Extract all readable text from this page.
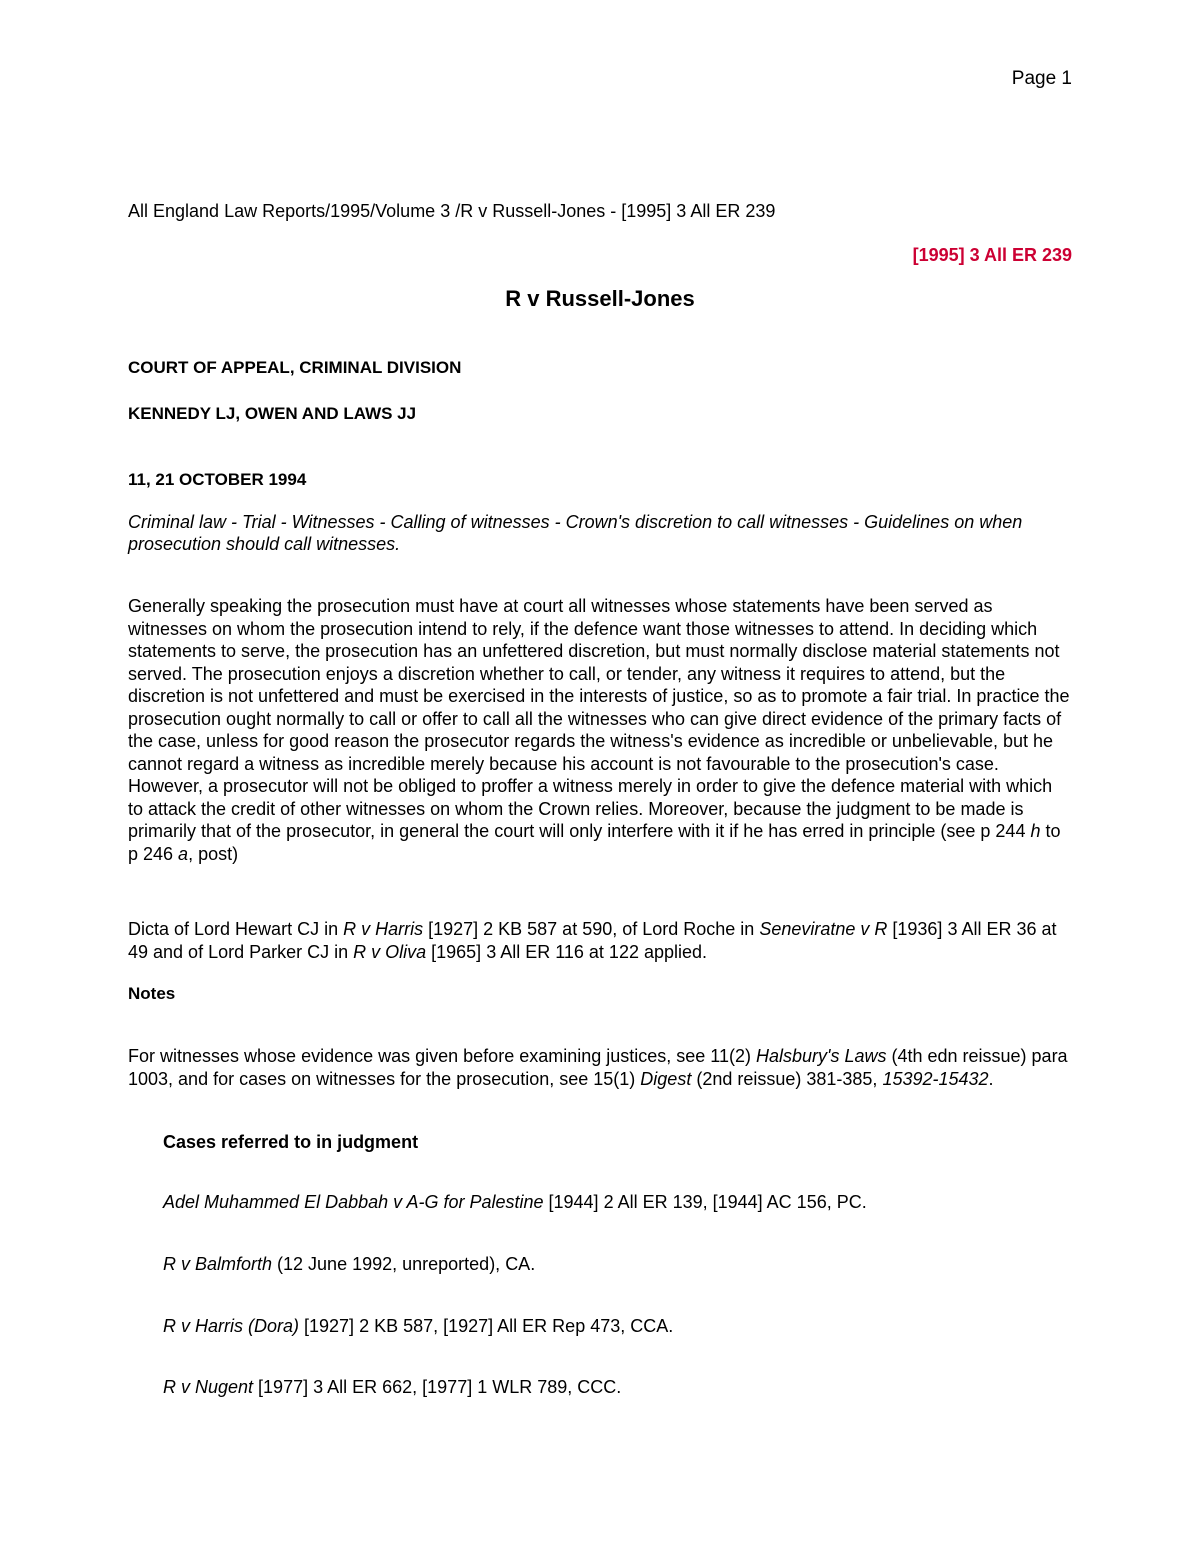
Page 1
All England Law Reports/1995/Volume 3 /R v Russell-Jones - [1995] 3 All ER 239
[1995] 3 All ER 239
R v Russell-Jones
COURT OF APPEAL, CRIMINAL DIVISION
KENNEDY LJ, OWEN AND LAWS JJ
11, 21 OCTOBER 1994
Criminal law - Trial - Witnesses - Calling of witnesses - Crown's discretion to call witnesses - Guidelines on when prosecution should call witnesses.
Generally speaking the prosecution must have at court all witnesses whose statements have been served as witnesses on whom the prosecution intend to rely, if the defence want those witnesses to attend. In deciding which statements to serve, the prosecution has an unfettered discretion, but must normally disclose material statements not served. The prosecution enjoys a discretion whether to call, or tender, any witness it requires to attend, but the discretion is not unfettered and must be exercised in the interests of justice, so as to promote a fair trial. In practice the prosecution ought normally to call or offer to call all the witnesses who can give direct evidence of the primary facts of the case, unless for good reason the prosecutor regards the witness's evidence as incredible or unbelievable, but he cannot regard a witness as incredible merely because his account is not favourable to the prosecution's case. However, a prosecutor will not be obliged to proffer a witness merely in order to give the defence material with which to attack the credit of other witnesses on whom the Crown relies. Moreover, because the judgment to be made is primarily that of the prosecutor, in general the court will only interfere with it if he has erred in principle (see p 244 h to p 246 a, post)
Dicta of Lord Hewart CJ in R v Harris [1927] 2 KB 587 at 590, of Lord Roche in Seneviratne v R [1936] 3 All ER 36 at 49 and of Lord Parker CJ in R v Oliva [1965] 3 All ER 116 at 122 applied.
Notes
For witnesses whose evidence was given before examining justices, see 11(2) Halsbury's Laws (4th edn reissue) para 1003, and for cases on witnesses for the prosecution, see 15(1) Digest (2nd reissue) 381-385, 15392-15432.
Cases referred to in judgment
Adel Muhammed El Dabbah v A-G for Palestine [1944] 2 All ER 139, [1944] AC 156, PC.
R v Balmforth (12 June 1992, unreported), CA.
R v Harris (Dora) [1927] 2 KB 587, [1927] All ER Rep 473, CCA.
R v Nugent [1977] 3 All ER 662, [1977] 1 WLR 789, CCC.
